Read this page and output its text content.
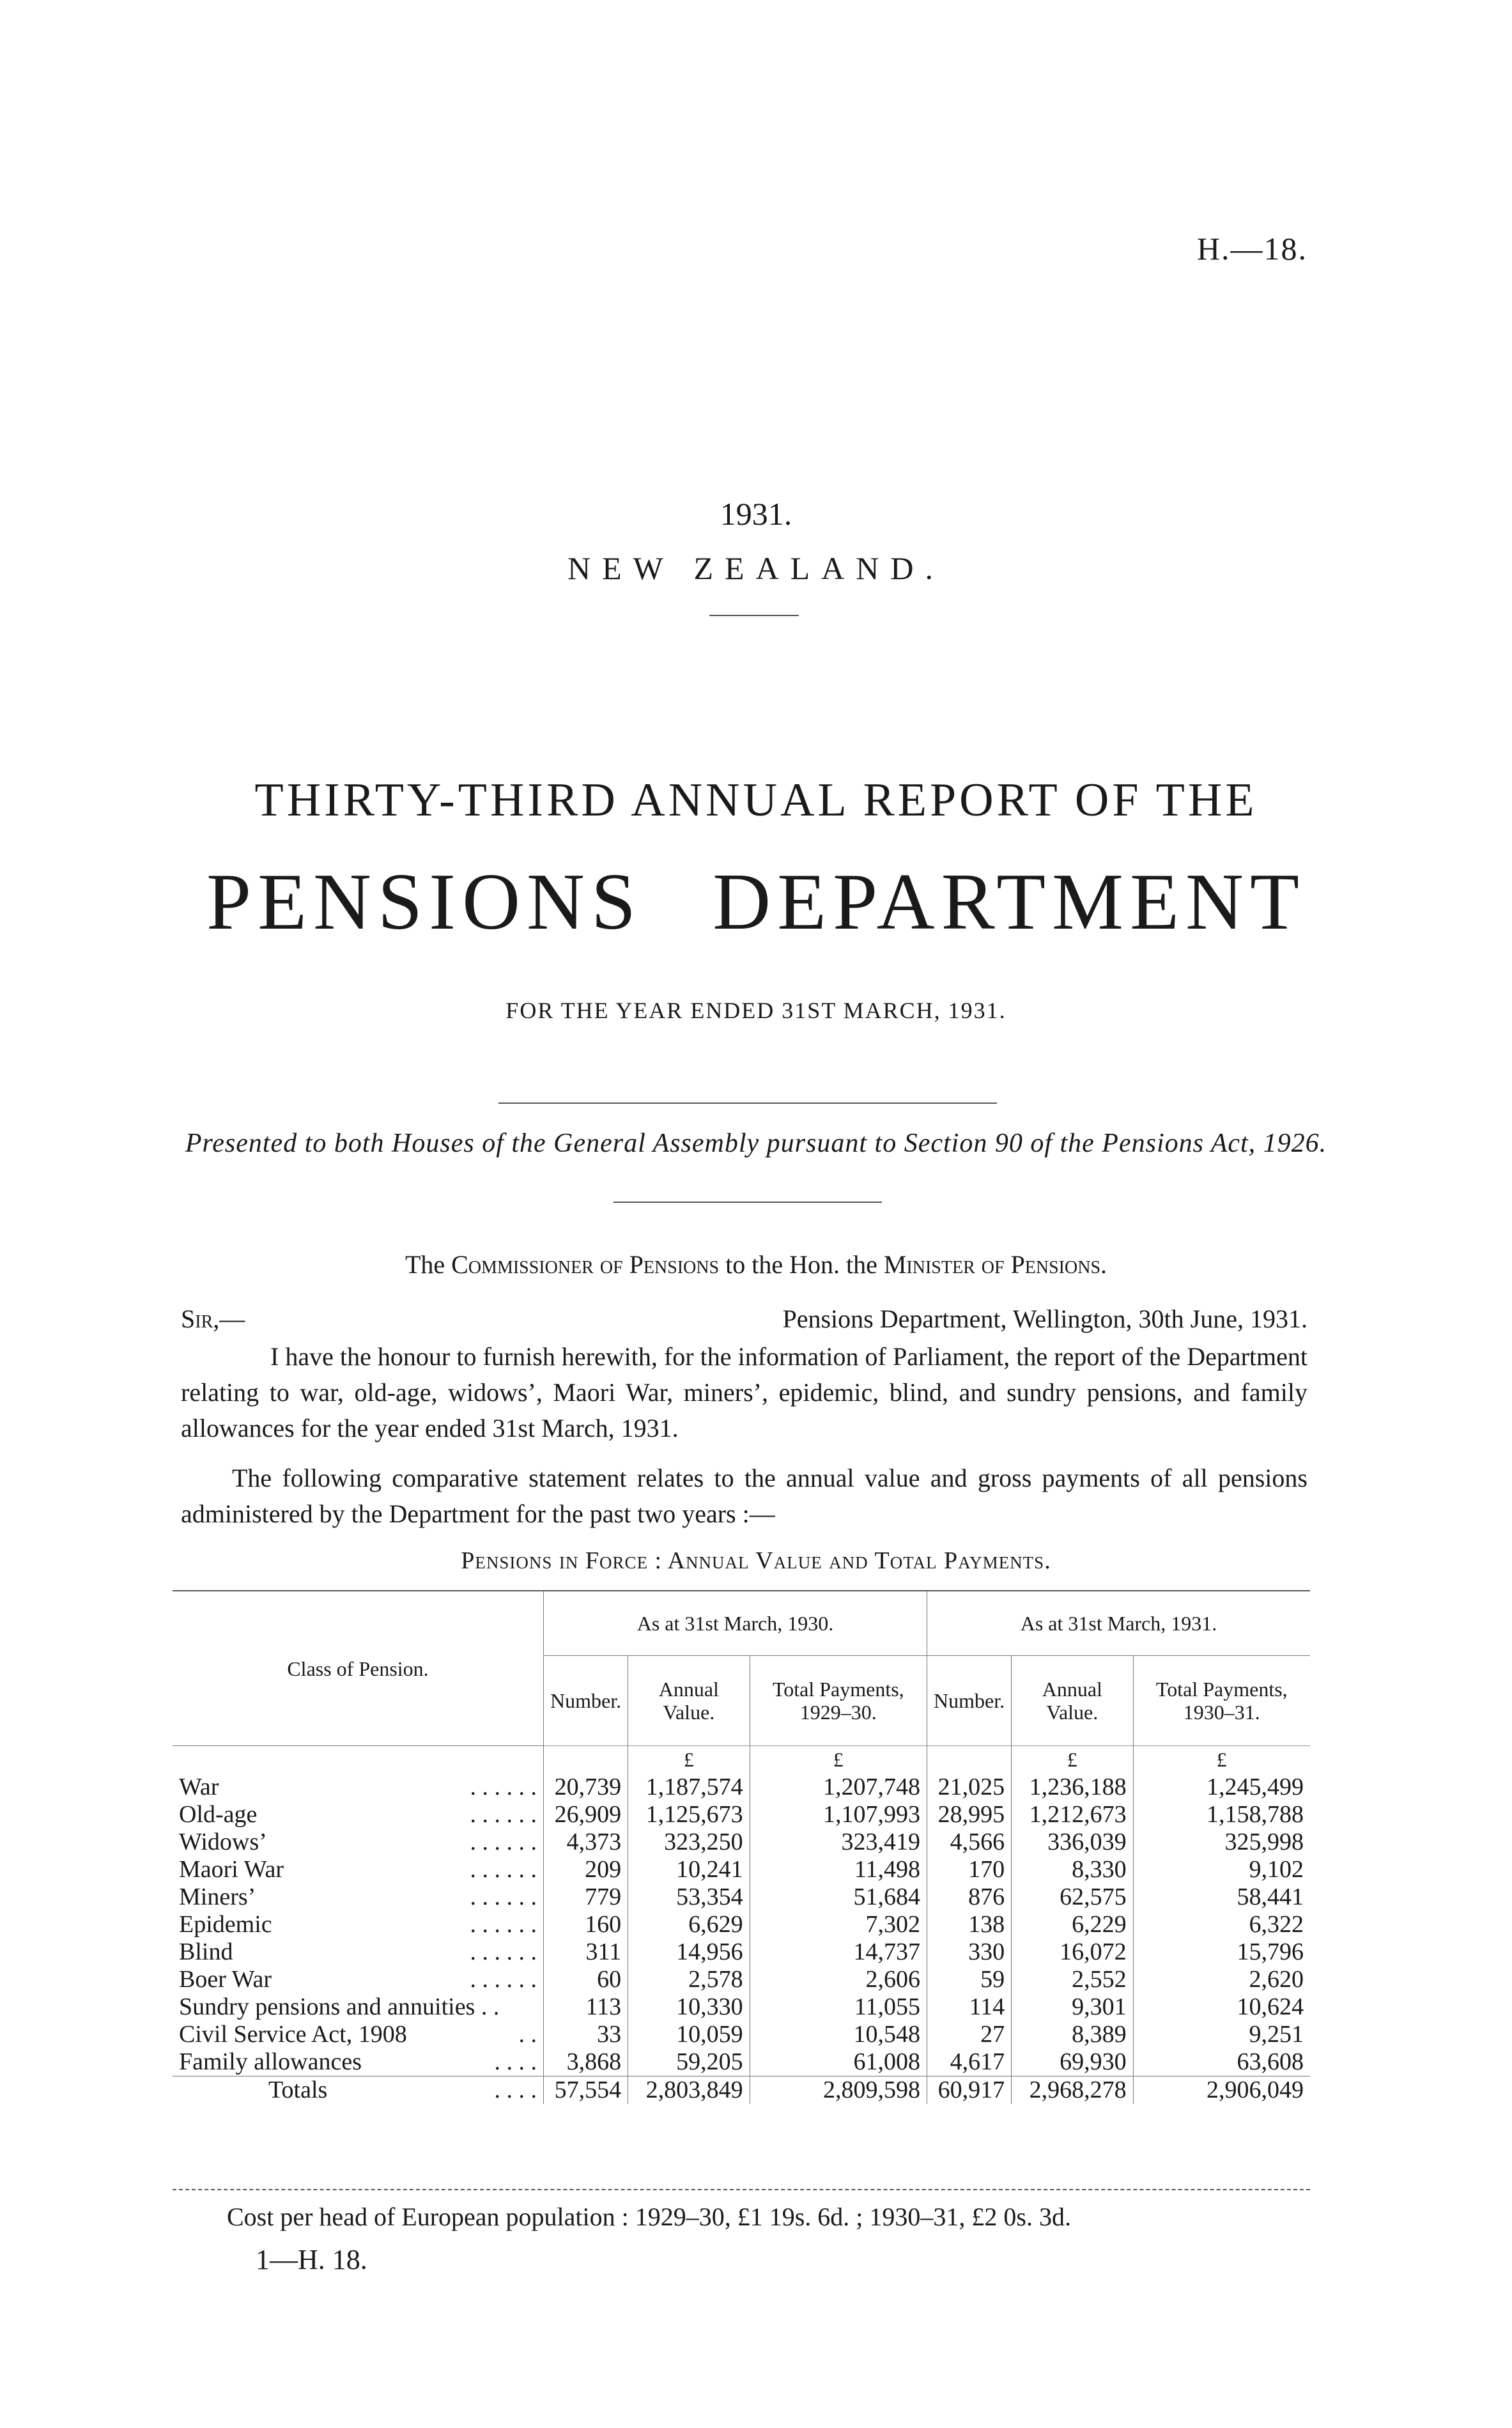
H.—18.
1931.
NEW ZEALAND.
THIRTY-THIRD ANNUAL REPORT OF THE
PENSIONS DEPARTMENT
FOR THE YEAR ENDED 31ST MARCH, 1931.
Presented to both Houses of the General Assembly pursuant to Section 90 of the Pensions Act, 1926.
The Commissioner of Pensions to the Hon. the Minister of Pensions.
Sir,—	Pensions Department, Wellington, 30th June, 1931.
I have the honour to furnish herewith, for the information of Parliament, the report of the Department relating to war, old-age, widows’, Maori War, miners’, epidemic, blind, and sundry pensions, and family allowances for the year ended 31st March, 1931.
The following comparative statement relates to the annual value and gross payments of all pensions administered by the Department for the past two years :—
Pensions in Force : Annual Value and Total Payments.
Class of Pension.	As at 31st March, 1930.			As at 31st March, 1931.		
	Number.	Annual Value.	Total Payments, 1929–30.	Number.	Annual Value.	Total Payments, 1930–31.
		£	£		£	£
War . . . . . .	20,739	1,187,574	1,207,748	21,025	1,236,188	1,245,499
Old-age . . . . . .	26,909	1,125,673	1,107,993	28,995	1,212,673	1,158,788
Widows’ . . . . . .	4,373	323,250	323,419	4,566	336,039	325,998
Maori War . . . . . .	209	10,241	11,498	170	8,330	9,102
Miners’ . . . . . .	779	53,354	51,684	876	62,575	58,441
Epidemic . . . . . .	160	6,629	7,302	138	6,229	6,322
Blind . . . . . .	311	14,956	14,737	330	16,072	15,796
Boer War . . . . . .	60	2,578	2,606	59	2,552	2,620
Sundry pensions and annuities . .	113	10,330	11,055	114	9,301	10,624
Civil Service Act, 1908 . .	33	10,059	10,548	27	8,389	9,251
Family allowances . . . .	3,868	59,205	61,008	4,617	69,930	63,608
Totals . . . .	57,554	2,803,849	2,809,598	60,917	2,968,278	2,906,049
Cost per head of European population : 1929–30, £1 19s. 6d. ; 1930–31, £2 0s. 3d.
1—H. 18.
